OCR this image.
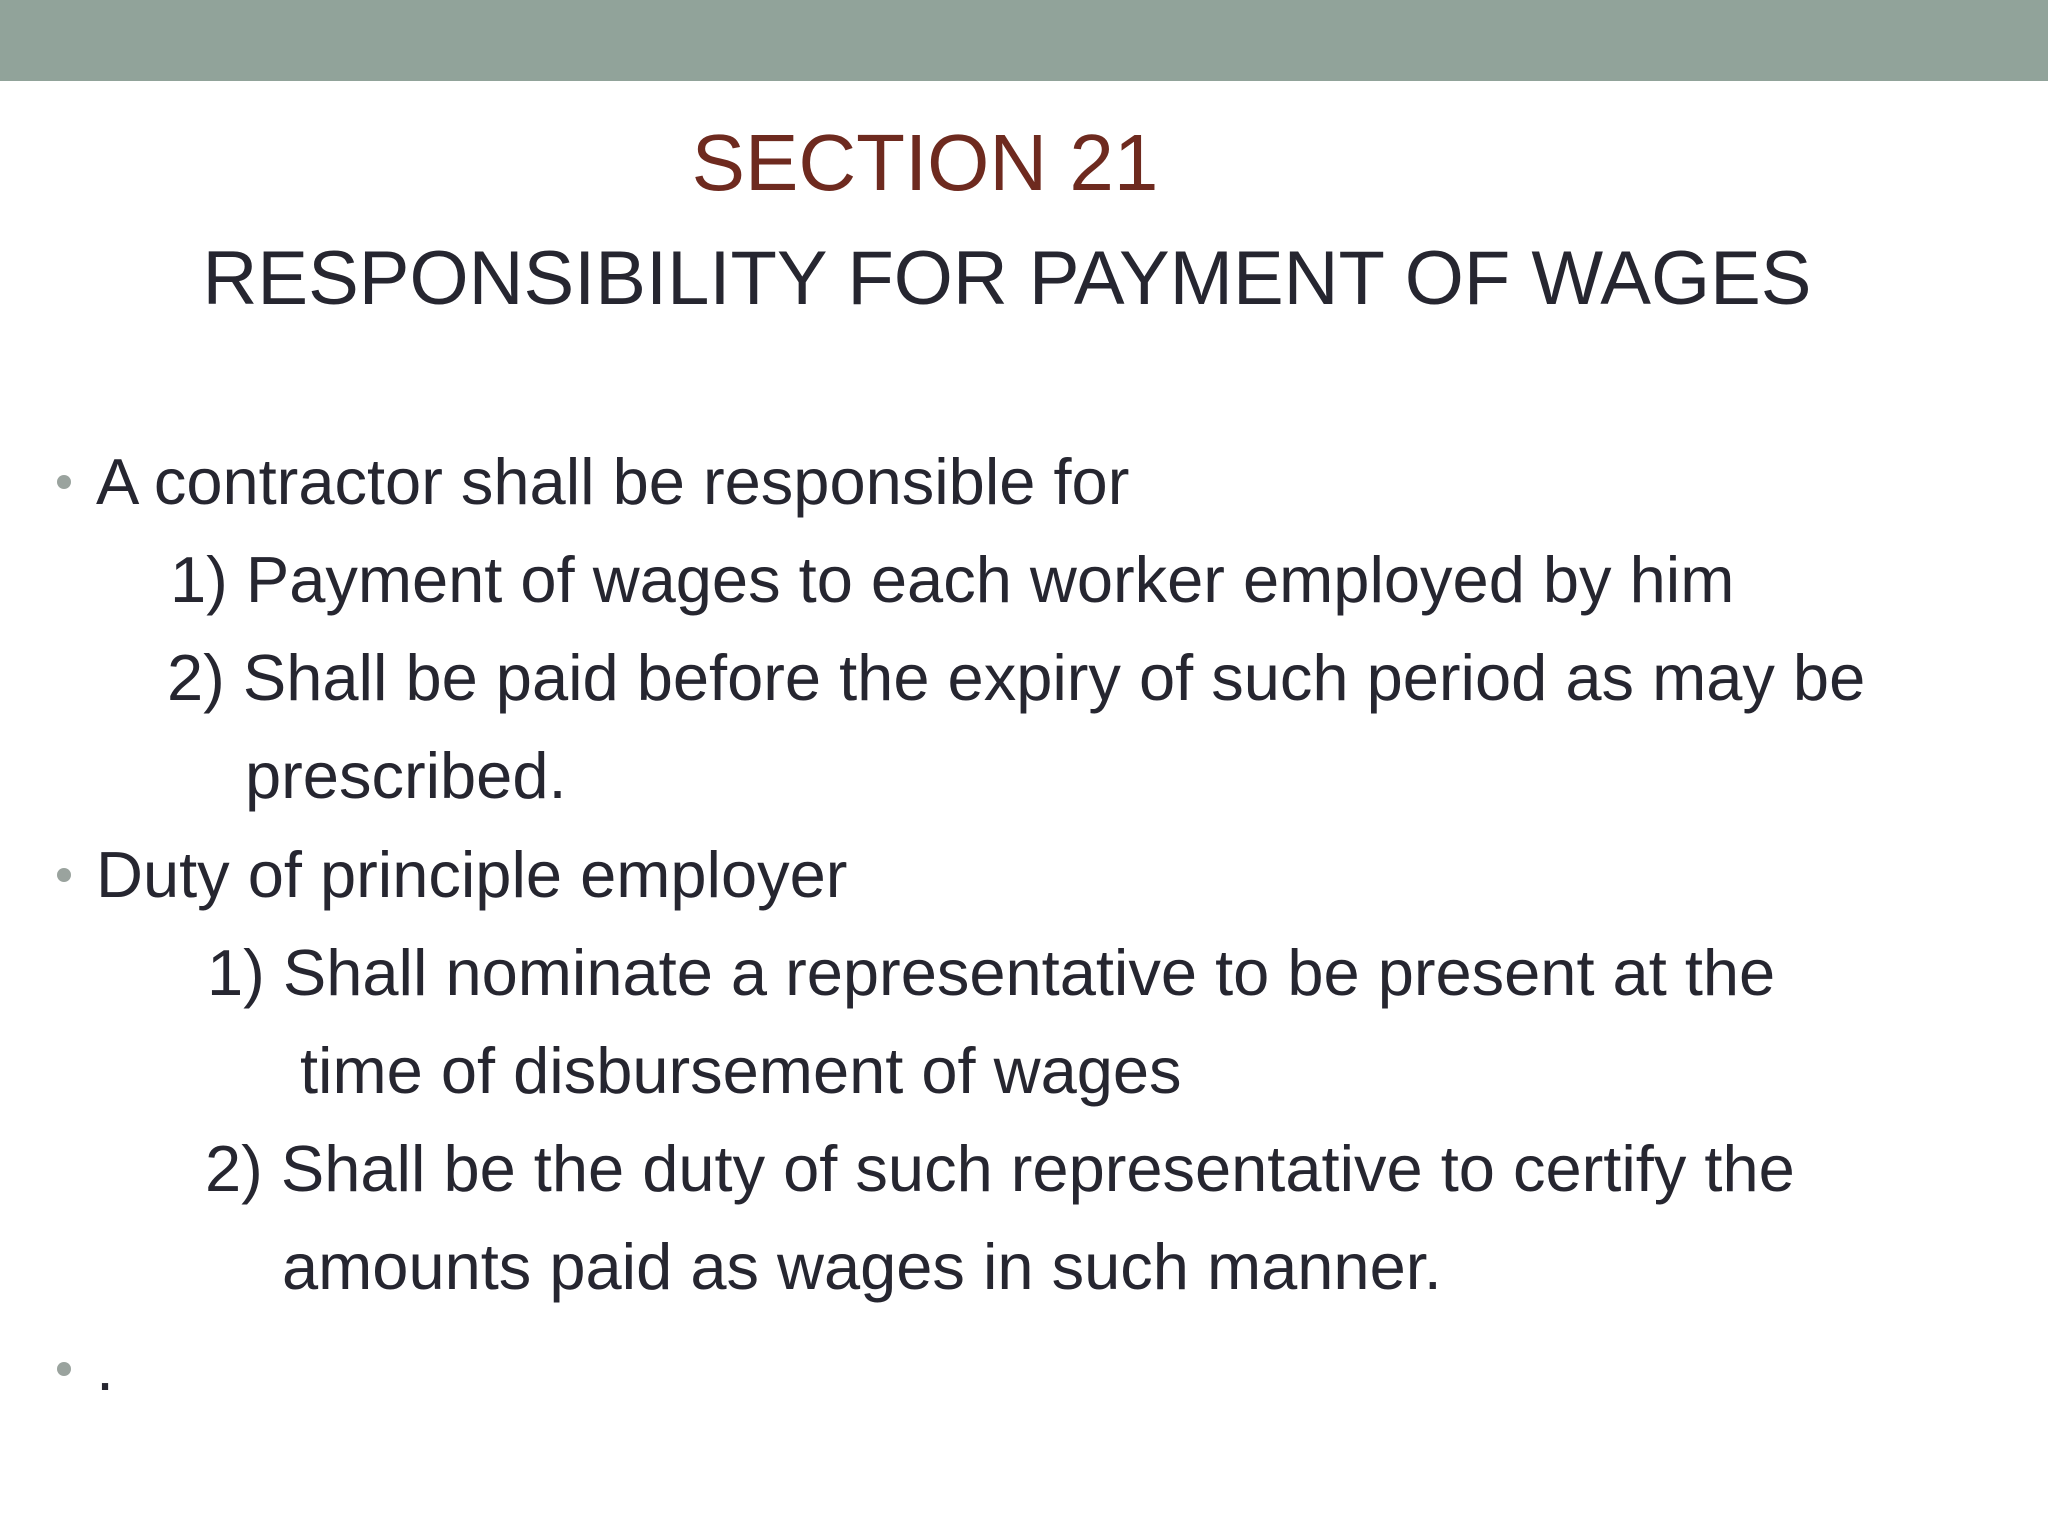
SECTION 21
RESPONSIBILITY FOR PAYMENT OF WAGES
A contractor shall be responsible for
1) Payment of wages to each worker employed by him
2) Shall be paid before the expiry of such period as may be
prescribed.
Duty of principle employer
1) Shall nominate a representative to be present at the
time of disbursement of wages
2) Shall be the duty of such representative to certify the
amounts paid as wages in such manner.
.
